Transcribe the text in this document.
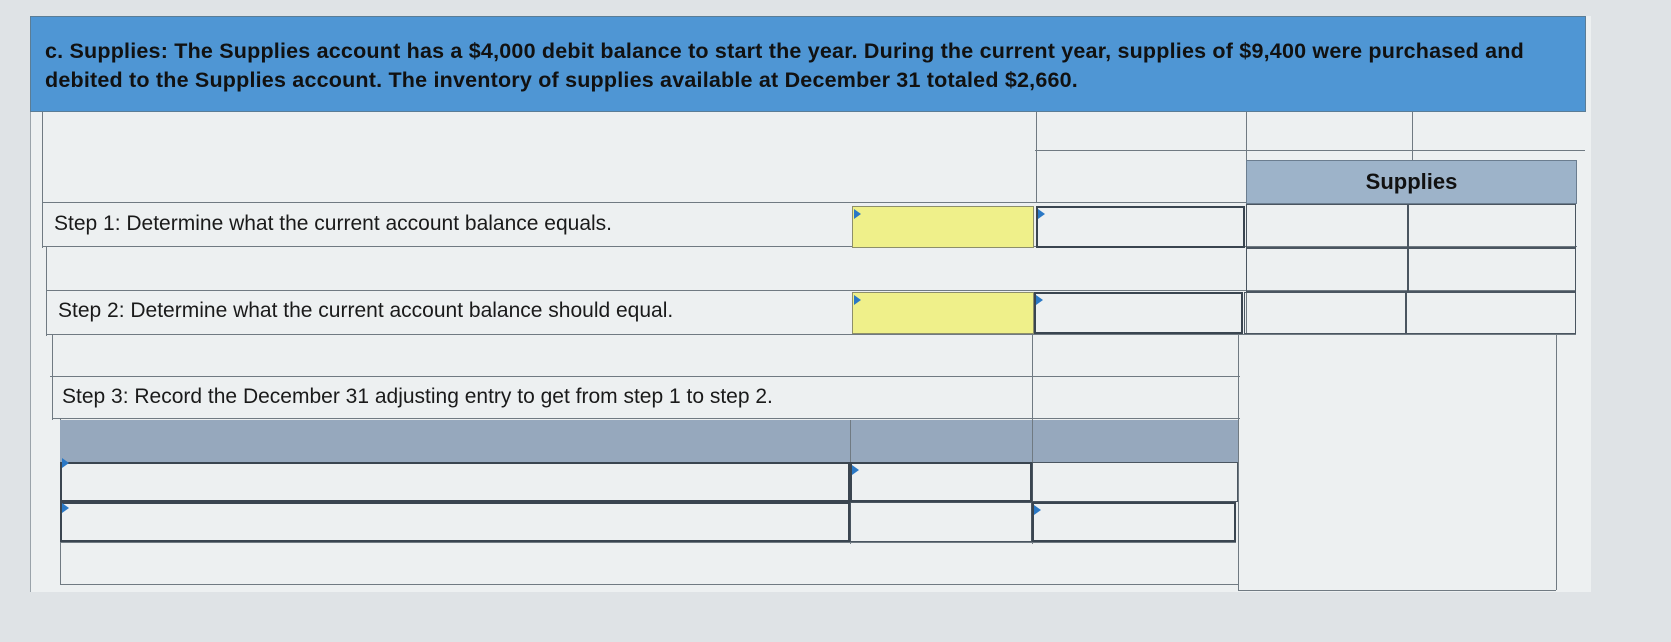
c. Supplies: The Supplies account has a $4,000 debit balance to start the year. During the current year, supplies of $9,400 were purchased and debited to the Supplies account. The inventory of supplies available at December 31 totaled $2,660.
Supplies
Step 1: Determine what the current account balance equals.
Step 2: Determine what the current account balance should equal.
Step 3: Record the December 31 adjusting entry to get from step 1 to step 2.
